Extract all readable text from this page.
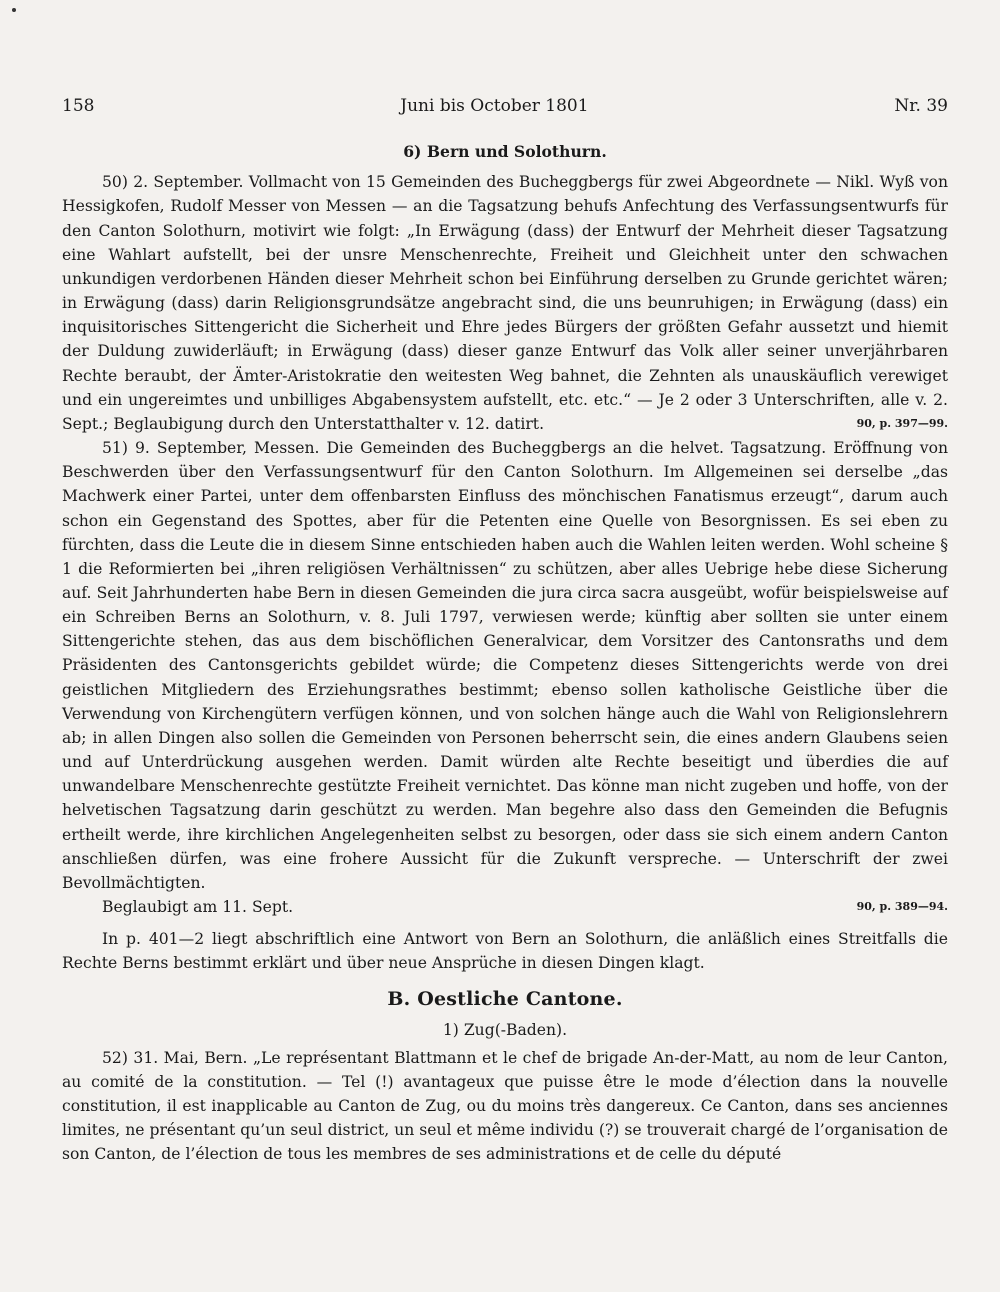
158	Juni bis October 1801	Nr. 39
6) Bern und Solothurn.

50) 2. September. Vollmacht von 15 Gemeinden des Bucheggbergs für zwei Abgeordnete — Nikl. Wyß von Hessigkofen, Rudolf Messer von Messen — an die Tagsatzung behufs Anfechtung des Verfassungsentwurfs für den Canton Solothurn, motivirt wie folgt: „In Erwägung (dass) der Entwurf der Mehrheit dieser Tagsatzung eine Wahlart aufstellt, bei der unsre Menschenrechte, Freiheit und Gleichheit unter den schwachen unkundigen verdorbenen Händen dieser Mehrheit schon bei Einführung derselben zu Grunde gerichtet wären; in Erwägung (dass) darin Religionsgrundsätze angebracht sind, die uns beunruhigen; in Erwägung (dass) ein inquisitorisches Sittengericht die Sicherheit und Ehre jedes Bürgers der größten Gefahr aussetzt und hiemit der Duldung zuwiderläuft; in Erwägung (dass) dieser ganze Entwurf das Volk aller seiner unverjährbaren Rechte beraubt, der Ämter-Aristokratie den weitesten Weg bahnet, die Zehnten als unauskäuflich verewiget und ein ungereimtes und unbilliges Abgabensystem aufstellt, etc. etc.“ — Je 2 oder 3 Unterschriften, alle v. 2. Sept.; Beglaubigung durch den Unterstatthalter v. 12. datirt.	90, p. 397—99.

51) 9. September, Messen. Die Gemeinden des Bucheggbergs an die helvet. Tagsatzung. Eröffnung von Beschwerden über den Verfassungsentwurf für den Canton Solothurn. Im Allgemeinen sei derselbe „das Machwerk einer Partei, unter dem offenbarsten Einfluss des mönchischen Fanatismus erzeugt“, darum auch schon ein Gegenstand des Spottes, aber für die Petenten eine Quelle von Besorgnissen. Es sei eben zu fürchten, dass die Leute die in diesem Sinne entschieden haben auch die Wahlen leiten werden. Wohl scheine § 1 die Reformierten bei „ihren religiösen Verhältnissen“ zu schützen, aber alles Uebrige hebe diese Sicherung auf. Seit Jahrhunderten habe Bern in diesen Gemeinden die jura circa sacra ausgeübt, wofür beispielsweise auf ein Schreiben Berns an Solothurn, v. 8. Juli 1797, verwiesen werde; künftig aber sollten sie unter einem Sittengerichte stehen, das aus dem bischöflichen Generalvicar, dem Vorsitzer des Cantonsraths und dem Präsidenten des Cantonsgerichts gebildet würde; die Competenz dieses Sittengerichts werde von drei geistlichen Mitgliedern des Erziehungsrathes bestimmt; ebenso sollen katholische Geistliche über die Verwendung von Kirchengütern verfügen können, und von solchen hänge auch die Wahl von Religionslehrern ab; in allen Dingen also sollen die Gemeinden von Personen beherrscht sein, die eines andern Glaubens seien und auf Unterdrückung ausgehen werden. Damit würden alte Rechte beseitigt und überdies die auf unwandelbare Menschenrechte gestützte Freiheit vernichtet. Das könne man nicht zugeben und hoffe, von der helvetischen Tagsatzung darin geschützt zu werden. Man begehre also dass den Gemeinden die Befugnis ertheilt werde, ihre kirchlichen Angelegenheiten selbst zu besorgen, oder dass sie sich einem andern Canton anschließen dürfen, was eine frohere Aussicht für die Zukunft verspreche. — Unterschrift der zwei Bevollmächtigten.

Beglaubigt am 11. Sept.	90, p. 389—94.

In p. 401—2 liegt abschriftlich eine Antwort von Bern an Solothurn, die anläßlich eines Streitfalls die Rechte Berns bestimmt erklärt und über neue Ansprüche in diesen Dingen klagt.

B. Oestliche Cantone.
1) Zug(-Baden).

52) 31. Mai, Bern. „Le représentant Blattmann et le chef de brigade An-der-Matt, au nom de leur Canton, au comité de la constitution. — Tel (!) avantageux que puisse être le mode d’élection dans la nouvelle constitution, il est inapplicable au Canton de Zug, ou du moins très dangereux. Ce Canton, dans ses anciennes limites, ne présentant qu’un seul district, un seul et même individu (?) se trouverait chargé de l’organisation de son Canton, de l’élection de tous les membres de ses administrations et de celle du député
